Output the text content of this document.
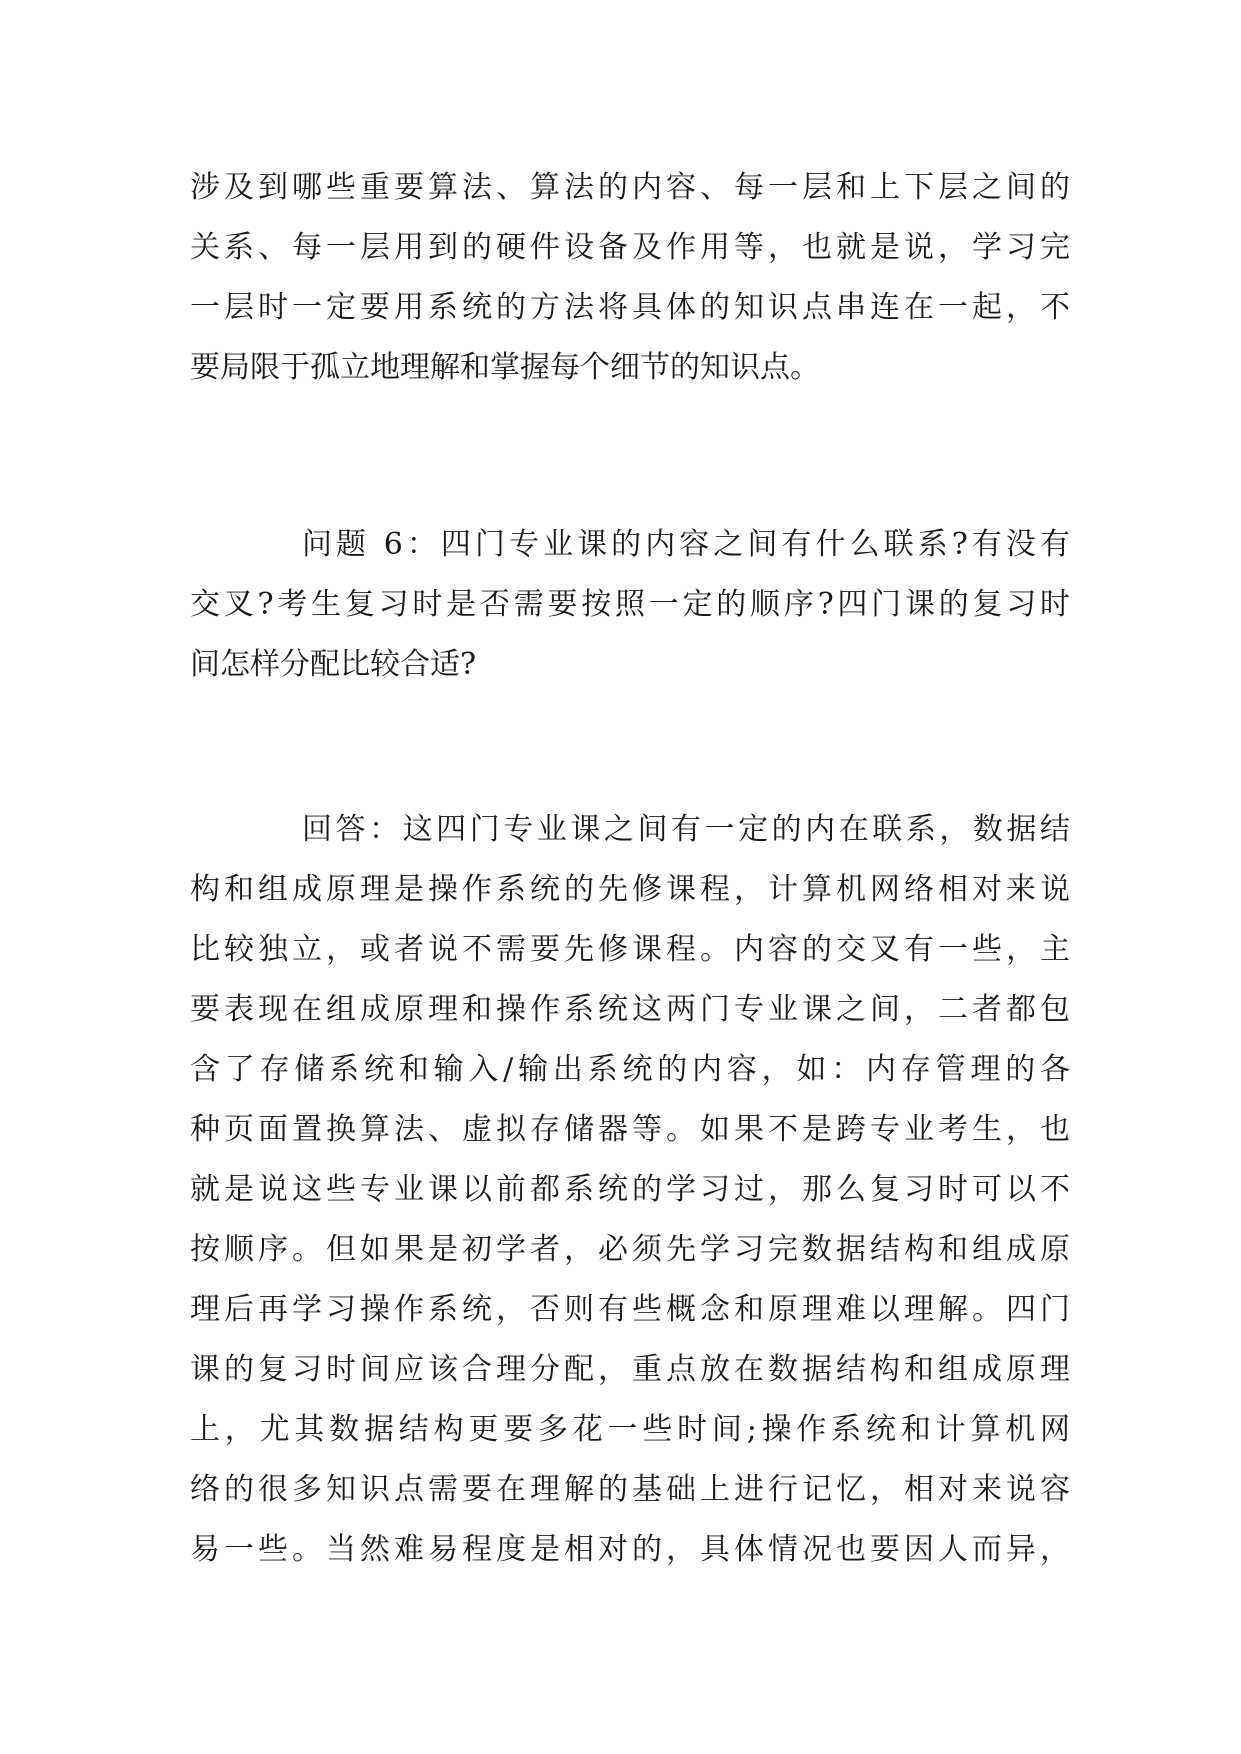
涉及到哪些重要算法、算法的内容、每一层和上下层之间的
关系、每一层用到的硬件设备及作用等，也就是说，学习完
一层时一定要用系统的方法将具体的知识点串连在一起，不
要局限于孤立地理解和掌握每个细节的知识点。
问题 6：四门专业课的内容之间有什么联系?有没有
交叉?考生复习时是否需要按照一定的顺序?四门课的复习时
间怎样分配比较合适?
回答：这四门专业课之间有一定的内在联系，数据结
构和组成原理是操作系统的先修课程，计算机网络相对来说
比较独立，或者说不需要先修课程。内容的交叉有一些，主
要表现在组成原理和操作系统这两门专业课之间，二者都包
含了存储系统和输入/输出系统的内容，如：内存管理的各
种页面置换算法、虚拟存储器等。如果不是跨专业考生，也
就是说这些专业课以前都系统的学习过，那么复习时可以不
按顺序。但如果是初学者，必须先学习完数据结构和组成原
理后再学习操作系统，否则有些概念和原理难以理解。四门
课的复习时间应该合理分配，重点放在数据结构和组成原理
上，尤其数据结构更要多花一些时间;操作系统和计算机网
络的很多知识点需要在理解的基础上进行记忆，相对来说容
易一些。当然难易程度是相对的，具体情况也要因人而异，
